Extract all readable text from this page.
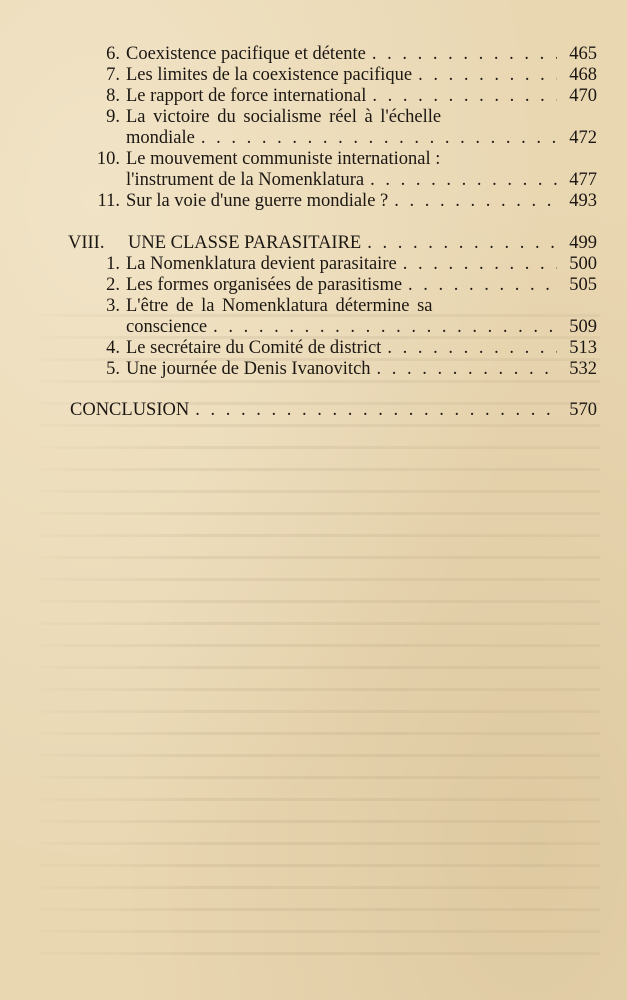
6. Coexistence pacifique et détente . . .	465
7. Les limites de la coexistence pacifique . . .	468
8. Le rapport de force international . . .	470
9. La victoire du socialisme réel à l'échelle
mondiale . . .	472
10. Le mouvement communiste international :
l'instrument de la Nomenklatura . . .	477
11. Sur la voie d'une guerre mondiale ? . . .	493
VIII. UNE CLASSE PARASITAIRE . . .	499
1. La Nomenklatura devient parasitaire . . .	500
2. Les formes organisées de parasitisme . . .	505
3. L'être de la Nomenklatura détermine sa
conscience . . .	509
4. Le secrétaire du Comité de district . . .	513
5. Une journée de Denis Ivanovitch . . .	532
CONCLUSION . . .	570
